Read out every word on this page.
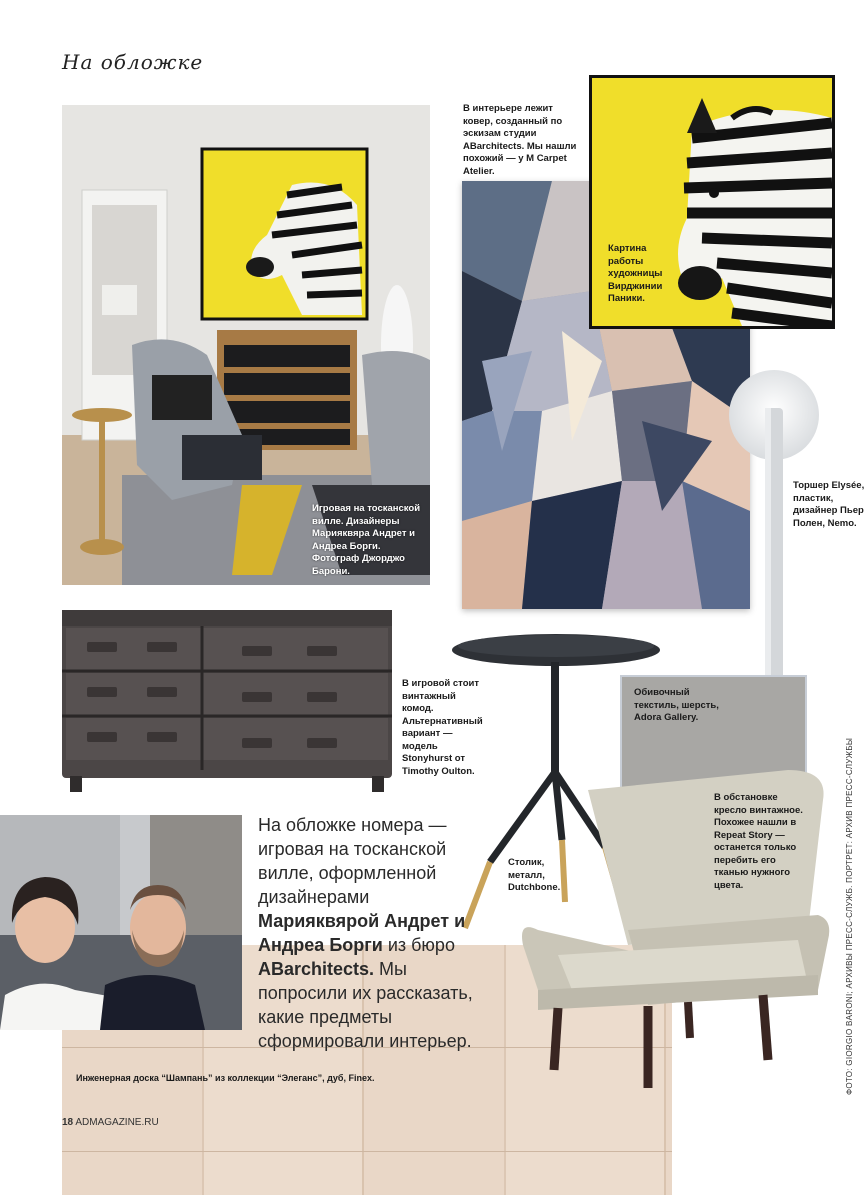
На обложке
Игровая на тосканской вилле. Дизайнеры Марияквяра Андрет и Андреа Борги. Фотограф Джорджо Барони.
В интерьере лежит ковер, созданный по эскизам студии ABarchitects. Мы нашли похожий — у M Carpet Atelier.
Картина работы художницы Вирджинии Паники.
Торшер Elysée, пластик, дизайнер Пьер Полен, Nemo.
В игровой стоит винтажный комод. Альтернативный вариант — модель Stonyhurst от Timothy Oulton.
Обивочный текстиль, шерсть, Adora Gallery.
В обстановке кресло винтажное. Похожее нашли в Repeat Story — останется только перебить его тканью нужного цвета.
Столик, металл, Dutchbone.
На обложке номера — игровая на тосканской вилле, оформленной дизайнерами Марияквярой Андрет и Андреа Борги из бюро ABarchitects. Мы попросили их рассказать, какие предметы сформировали интерьер.
Инженерная доска “Шампань” из коллекции “Элеганс”, дуб, Finex.
18 ADMAGAZINE.RU
ФОТО: GIORGIO BARONI; АРХИВЫ ПРЕСС-СЛУЖБ. ПОРТРЕТ: АРХИВ ПРЕСС-СЛУЖБЫ
